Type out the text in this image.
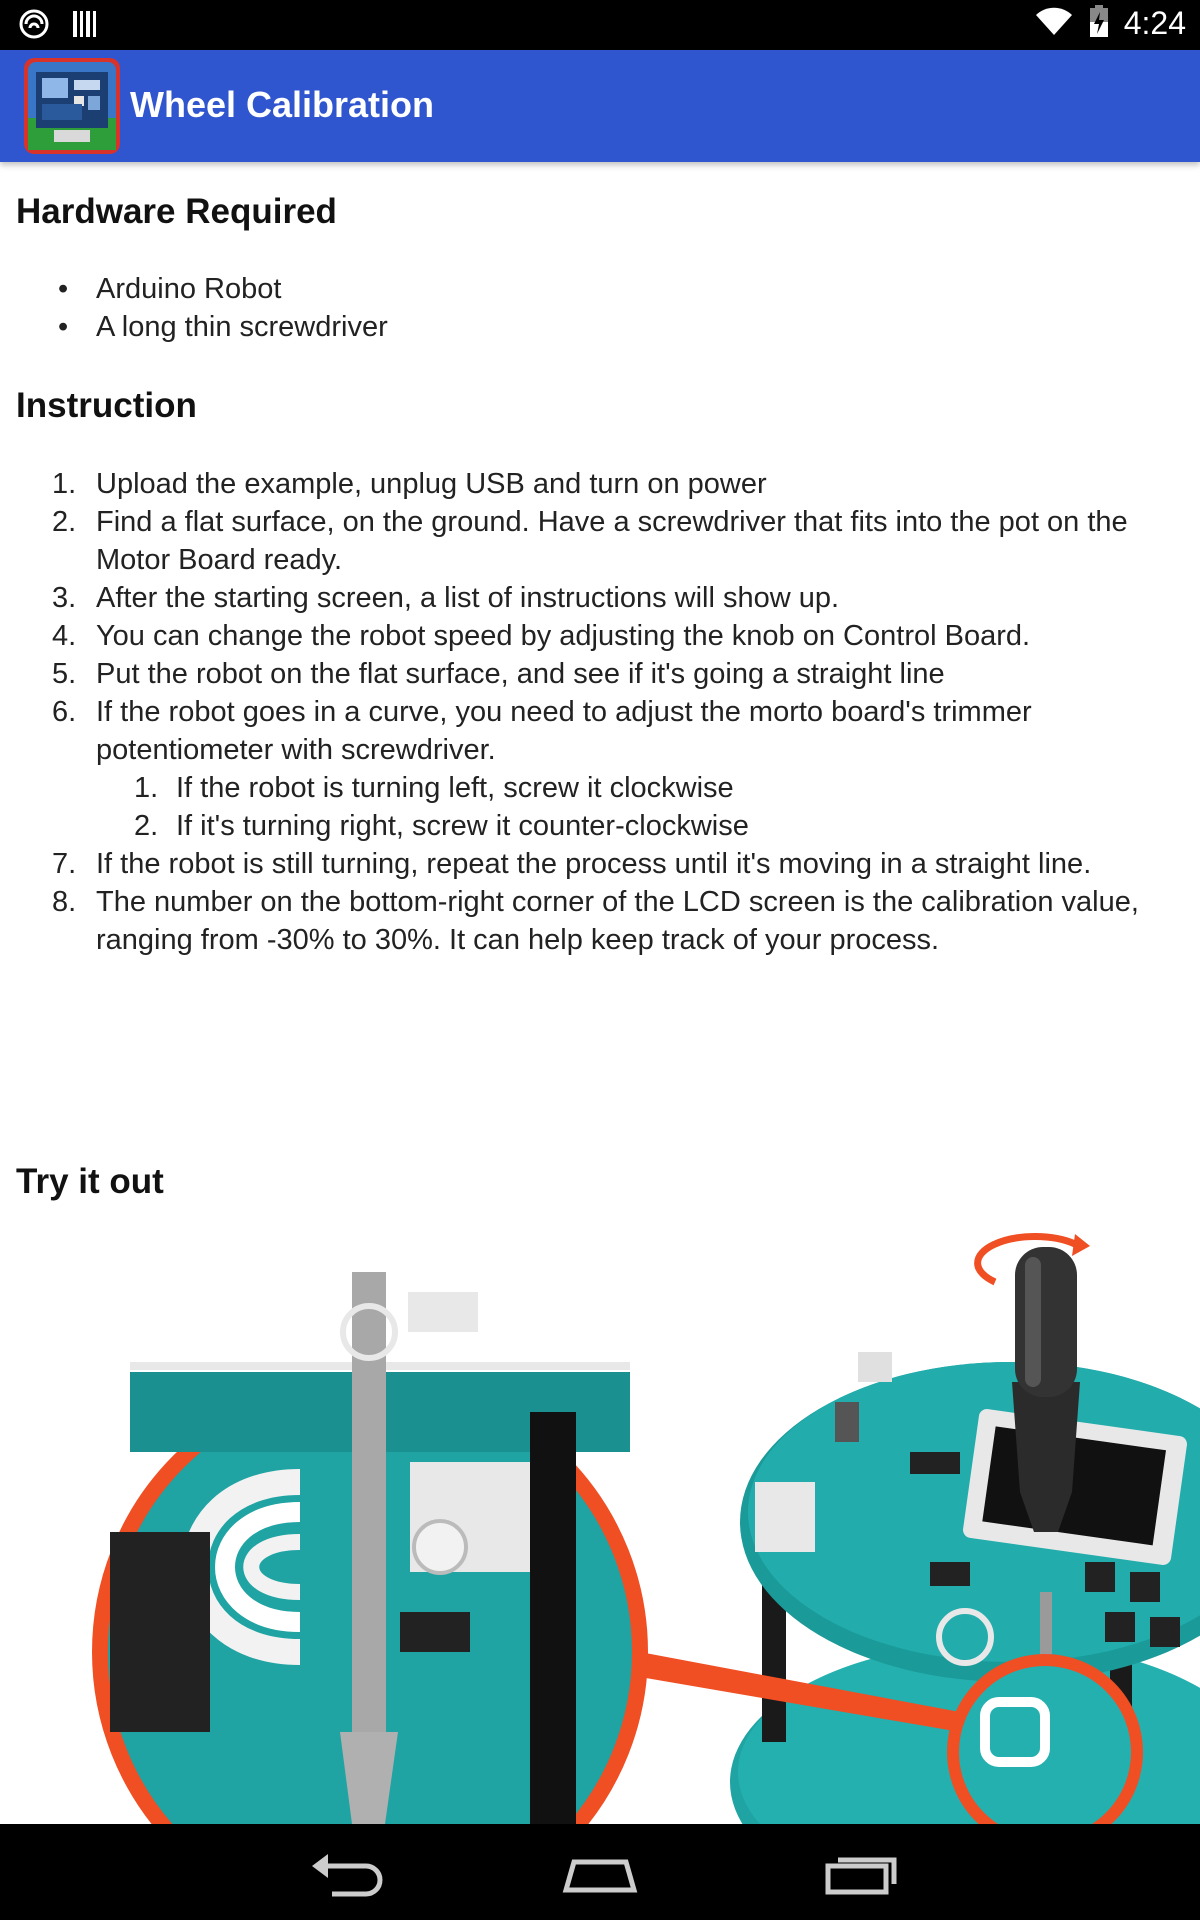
4:24
Wheel Calibration
Hardware Required
• Arduino Robot
• A long thin screwdriver
Instruction
1. Upload the example, unplug USB and turn on power
2. Find a flat surface, on the ground. Have a screwdriver that fits into the pot on the Motor Board ready.
3. After the starting screen, a list of instructions will show up.
4. You can change the robot speed by adjusting the knob on Control Board.
5. Put the robot on the flat surface, and see if it's going a straight line
6. If the robot goes in a curve, you need to adjust the morto board's trimmer potentiometer with screwdriver.
1. If the robot is turning left, screw it clockwise
2. If it's turning right, screw it counter-clockwise
7. If the robot is still turning, repeat the process until it's moving in a straight line.
8. The number on the bottom-right corner of the LCD screen is the calibration value, ranging from -30% to 30%. It can help keep track of your process.
Try it out
